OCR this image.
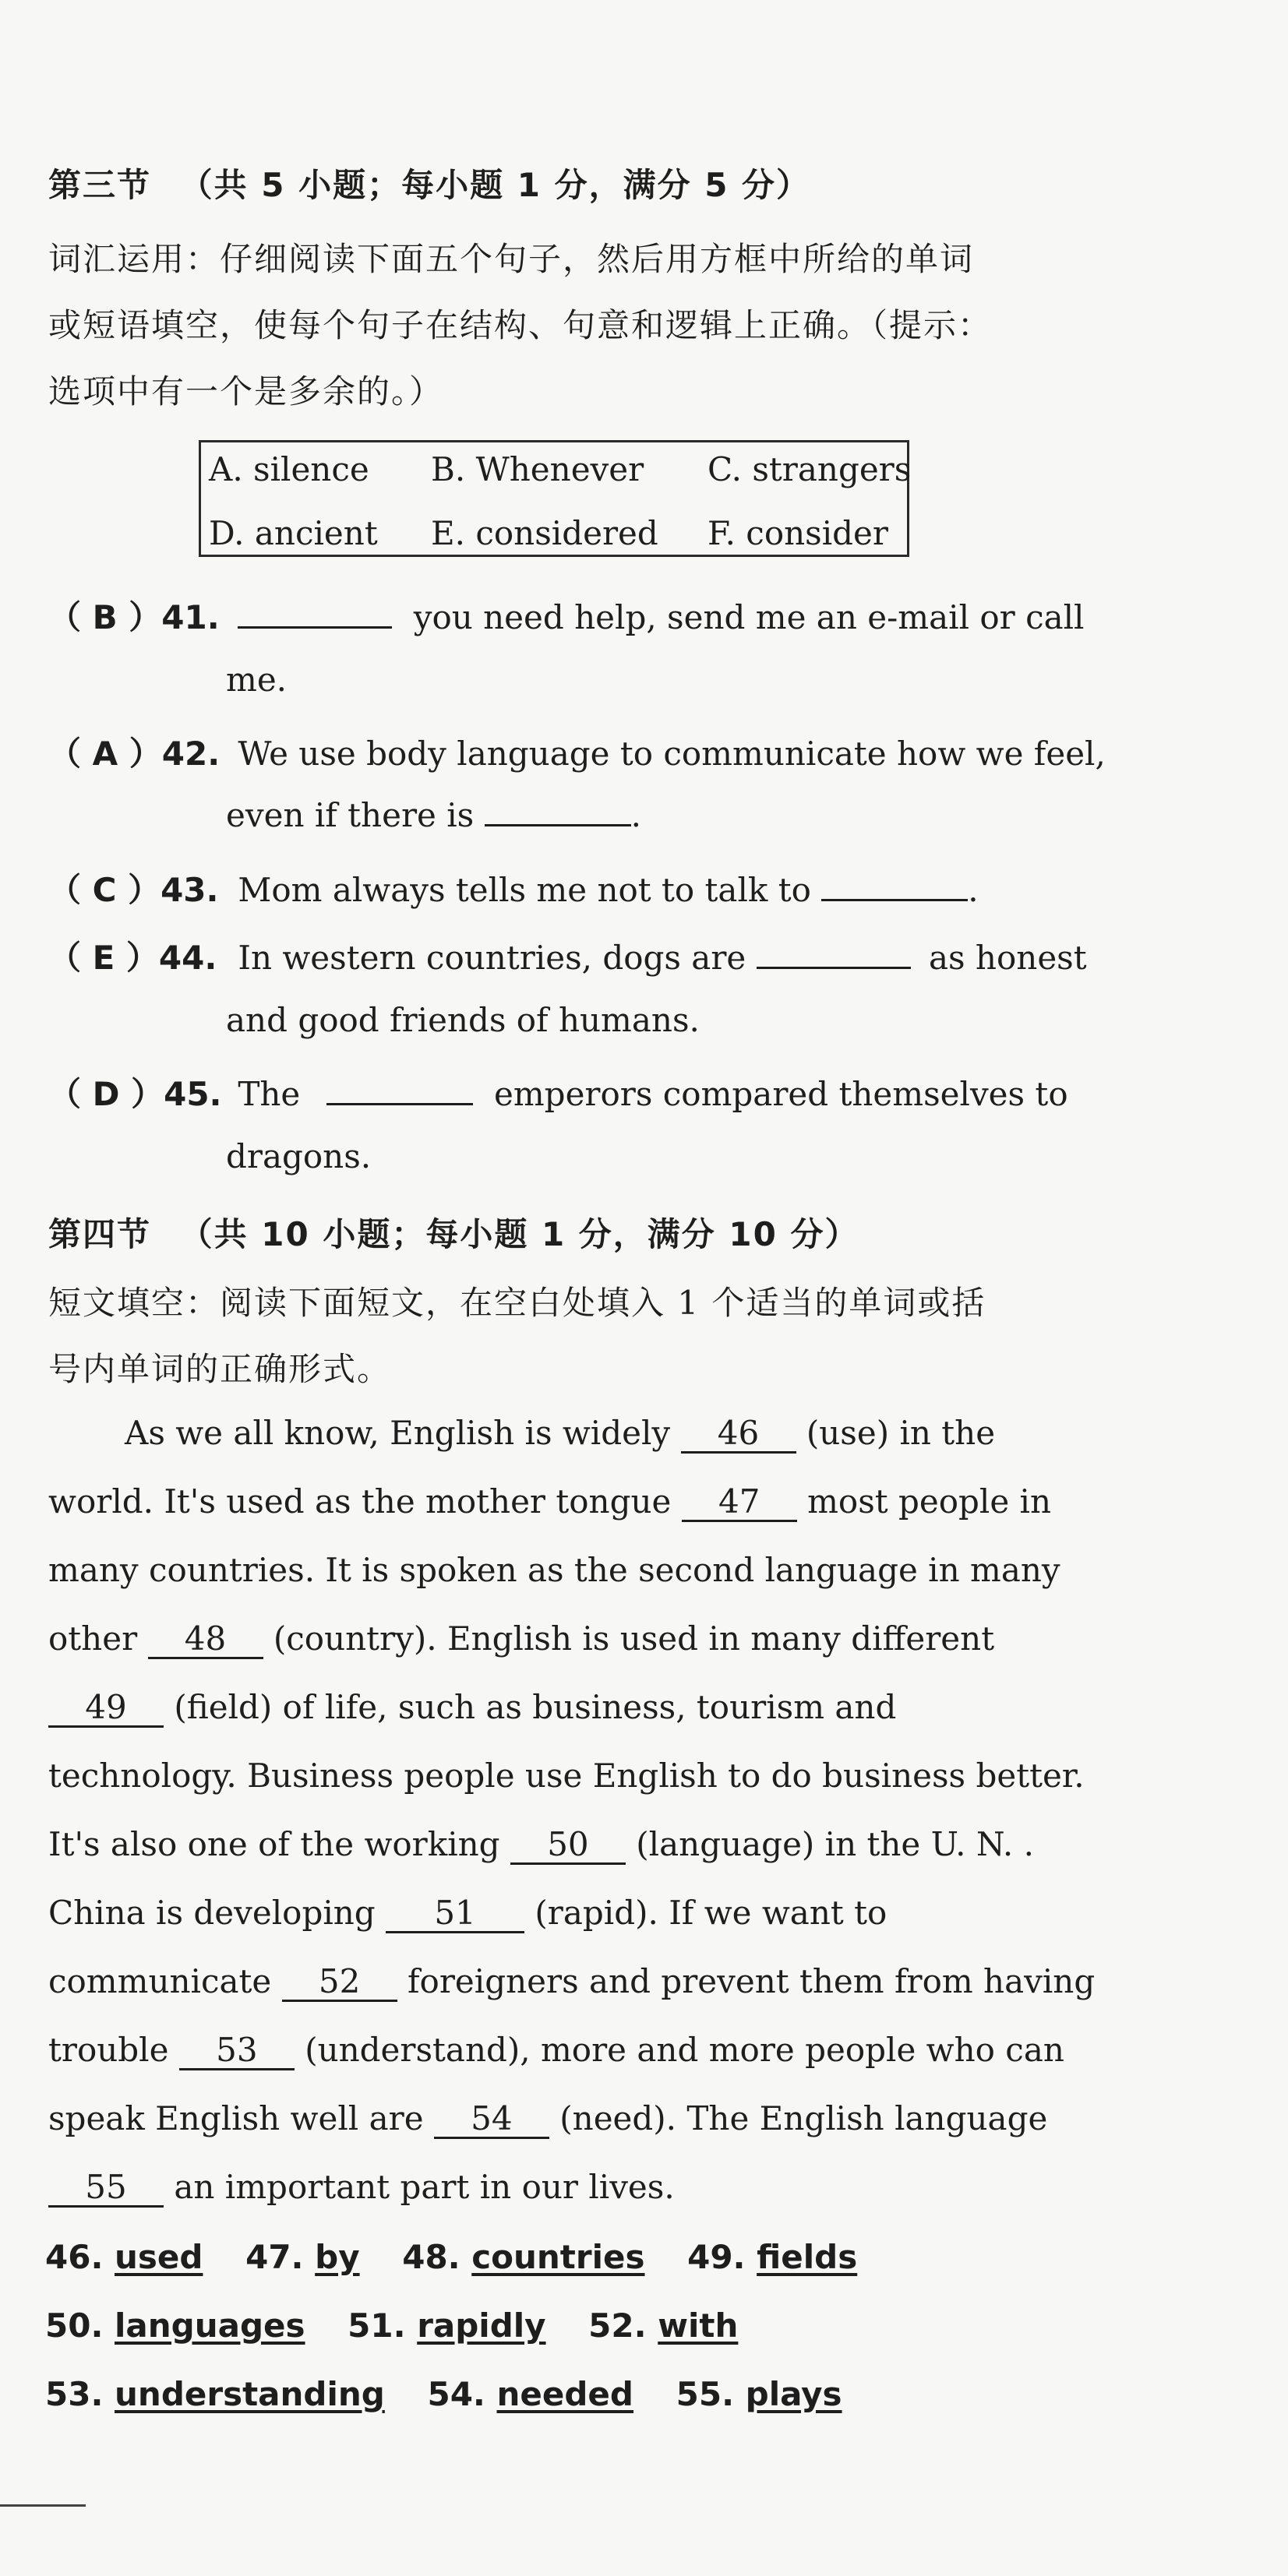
第三节 （共 5 小题；每小题 1 分，满分 5 分）
词汇运用：仔细阅读下面五个句子，然后用方框中所给的单词
或短语填空，使每个句子在结构、句意和逻辑上正确。（提示：
选项中有一个是多余的。）
A. silence B. Whenever C. strangers
D. ancient E. considered F. consider
（ B ）41.	you need help, send me an e-mail or call
me.
（ A ）42. We use body language to communicate how we feel,
even if there is	.
（ C ）43. Mom always tells me not to talk to	.
（ E ）44. In western countries, dogs are	as honest
and good friends of humans.
（ D ）45. The	emperors compared themselves to
dragons.
第四节 （共 10 小题；每小题 1 分，满分 10 分）
短文填空：阅读下面短文，在空白处填入 1 个适当的单词或括
号内单词的正确形式。
As we all know, English is widely 46 (use) in the
world. It's used as the mother tongue 47 most people in
many countries. It is spoken as the second language in many
other 48 (country). English is used in many different
49 (field) of life, such as business, tourism and
technology. Business people use English to do business better.
It's also one of the working 50 (language) in the U. N. .
China is developing 51 (rapid). If we want to
communicate 52 foreigners and prevent them from having
trouble 53 (understand), more and more people who can
speak English well are 54 (need). The English language
55 an important part in our lives.
46. used 47. by 48. countries 49. fields
50. languages 51. rapidly 52. with
53. understanding 54. needed 55. plays
